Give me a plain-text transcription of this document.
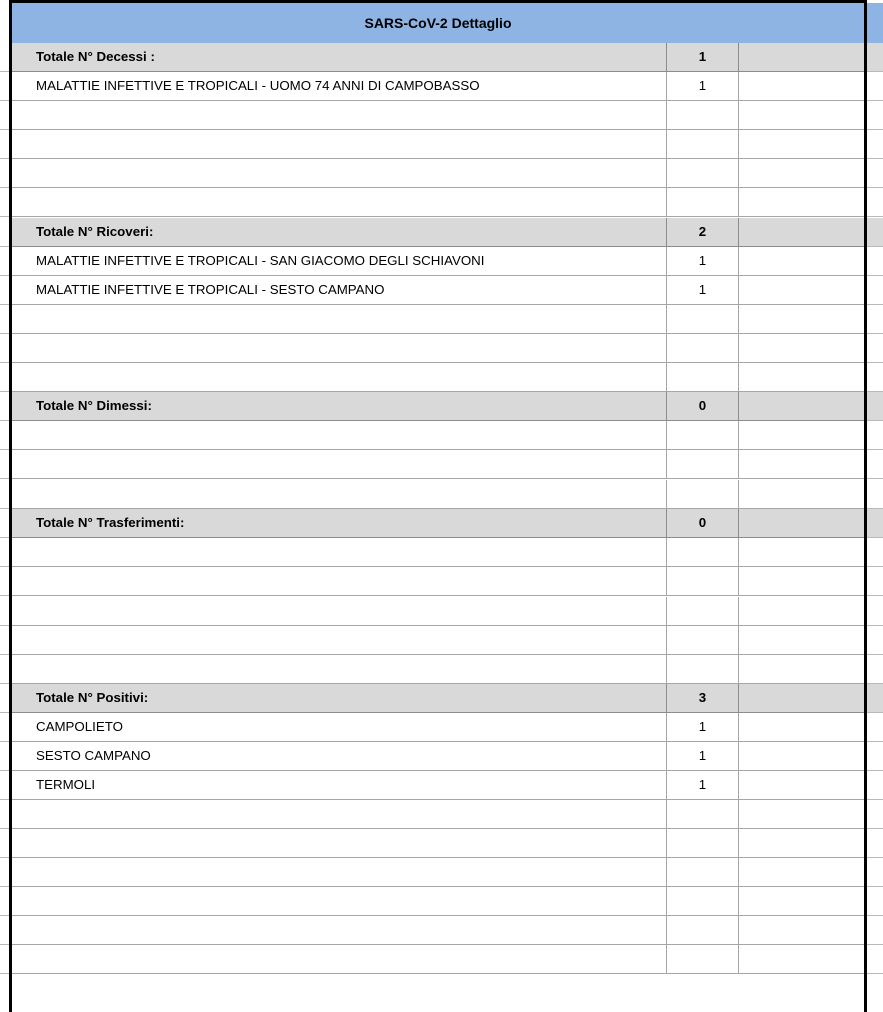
SARS-CoV-2 Dettaglio
Totale N° Decessi :	1
MALATTIE INFETTIVE E TROPICALI - UOMO 74 ANNI DI CAMPOBASSO	1
Totale N° Ricoveri:	2
MALATTIE INFETTIVE E TROPICALI - SAN GIACOMO DEGLI SCHIAVONI	1
MALATTIE INFETTIVE E TROPICALI - SESTO CAMPANO	1
Totale N° Dimessi:	0
Totale N° Trasferimenti:	0
Totale N° Positivi:	3
CAMPOLIETO	1
SESTO CAMPANO	1
TERMOLI	1
